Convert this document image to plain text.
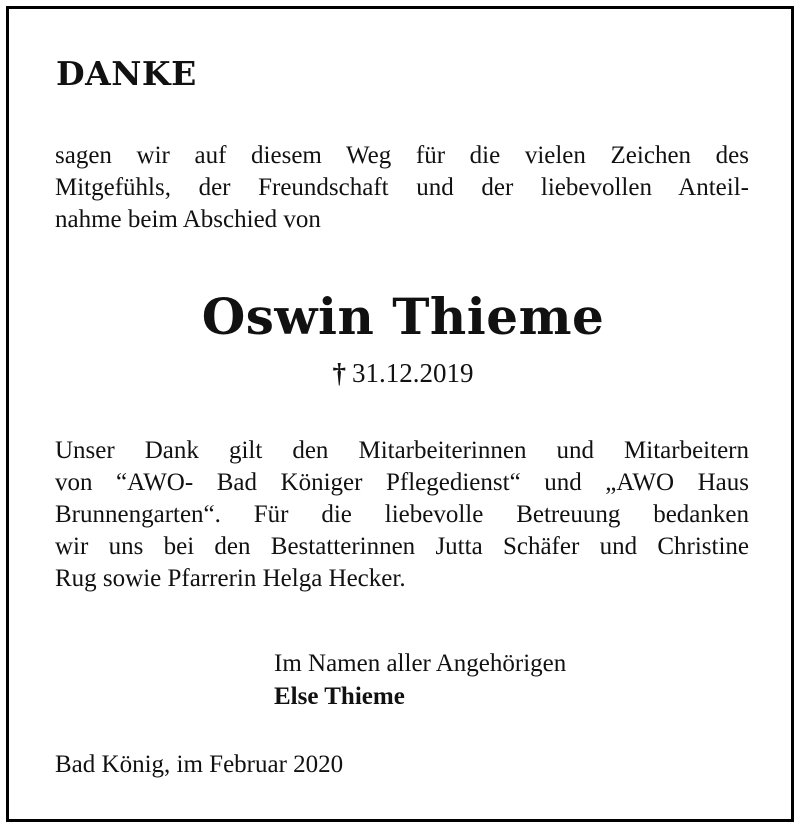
DANKE
sagen wir auf diesem Weg für die vielen Zeichen des
Mitgefühls, der Freundschaft und der liebevollen Anteil-
nahme beim Abschied von
Oswin Thieme
† 31.12.2019
Unser Dank gilt den Mitarbeiterinnen und Mitarbeitern
von “AWO- Bad Königer Pflegedienst“ und „AWO Haus
Brunnengarten“. Für die liebevolle Betreuung bedanken
wir uns bei den Bestatterinnen Jutta Schäfer und Christine
Rug sowie Pfarrerin Helga Hecker.
Im Namen aller Angehörigen
Else Thieme
Bad König, im Februar 2020
